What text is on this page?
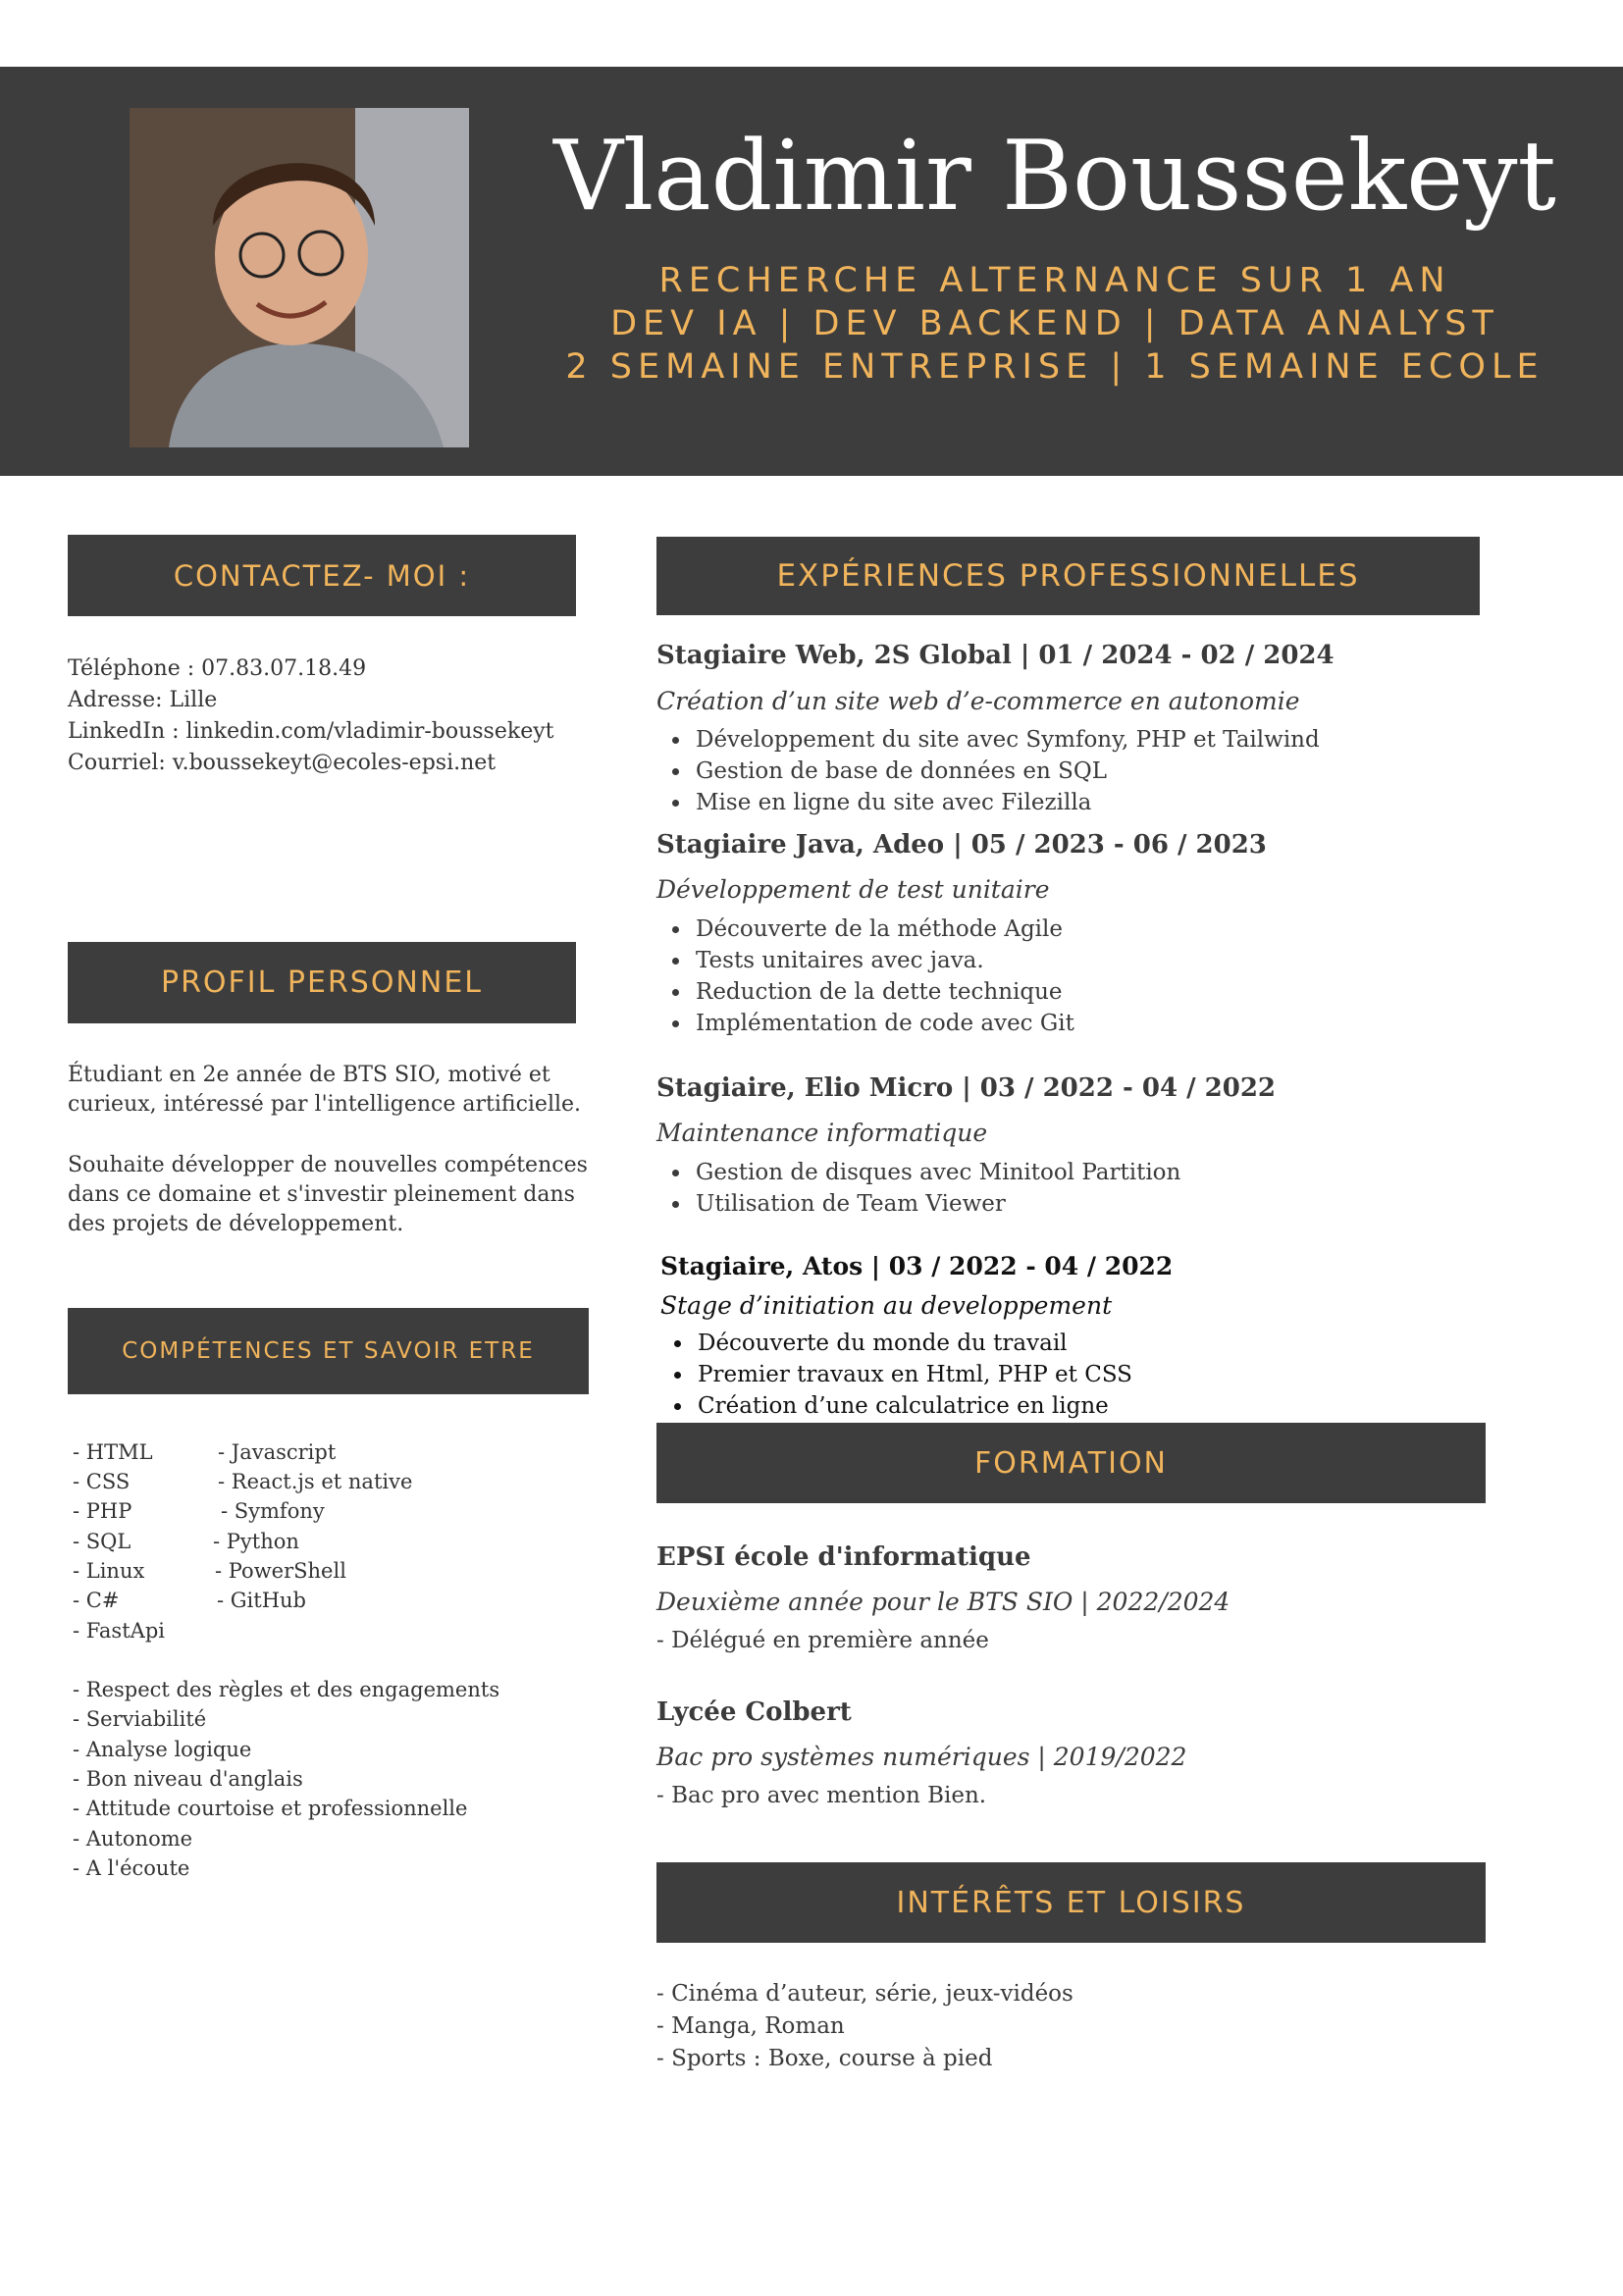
Vladimir Boussekeyt
RECHERCHE ALTERNANCE SUR 1 AN
DEV IA | DEV BACKEND | DATA ANALYST
2 SEMAINE ENTREPRISE | 1 SEMAINE ECOLE
CONTACTEZ- MOI :
Téléphone : 07.83.07.18.49
Adresse: Lille
LinkedIn : linkedin.com/vladimir-boussekeyt
Courriel: v.boussekeyt@ecoles-epsi.net
PROFIL PERSONNEL
Étudiant en 2e année de BTS SIO, motivé et
curieux, intéressé par l'intelligence artificielle.
Souhaite développer de nouvelles compétences
dans ce domaine et s'investir pleinement dans
des projets de développement.
COMPÉTENCES ET SAVOIR ETRE
- HTML
- CSS
- PHP
- SQL
- Linux
- C#
- FastApi
- Javascript
- React.js et native
- Symfony
- Python
- PowerShell
- GitHub
- Respect des règles et des engagements
- Serviabilité
- Analyse logique
- Bon niveau d'anglais
- Attitude courtoise et professionnelle
- Autonome
- A l'écoute
EXPÉRIENCES PROFESSIONNELLES
Stagiaire Web, 2S Global | 01 / 2024 - 02 / 2024
Création d’un site web d’e-commerce en autonomie
• Développement du site avec Symfony, PHP et Tailwind
• Gestion de base de données en SQL
• Mise en ligne du site avec Filezilla
Stagiaire Java, Adeo | 05 / 2023 - 06 / 2023
Développement de test unitaire
• Découverte de la méthode Agile
• Tests unitaires avec java.
• Reduction de la dette technique
• Implémentation de code avec Git
Stagiaire, Elio Micro | 03 / 2022 - 04 / 2022
Maintenance informatique
• Gestion de disques avec Minitool Partition
• Utilisation de Team Viewer
Stagiaire, Atos | 03 / 2022 - 04 / 2022
Stage d’initiation au developpement
• Découverte du monde du travail
• Premier travaux en Html, PHP et CSS
• Création d’une calculatrice en ligne
FORMATION
EPSI école d'informatique
Deuxième année pour le BTS SIO | 2022/2024
- Délégué en première année
Lycée Colbert
Bac pro systèmes numériques | 2019/2022
- Bac pro avec mention Bien.
INTÉRÊTS ET LOISIRS
- Cinéma d’auteur, série, jeux-vidéos
- Manga, Roman
- Sports : Boxe, course à pied
